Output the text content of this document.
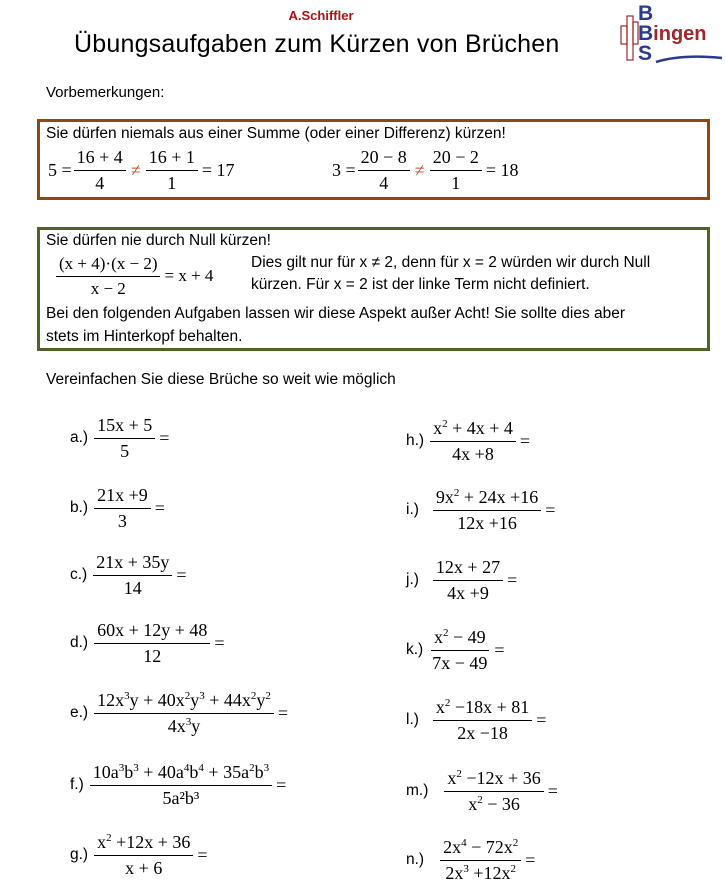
A.Schiffler
Übungsaufgaben zum Kürzen von Brüchen
B
Bingen
S
Vorbemerkungen:
Sie dürfen niemals aus einer Summe (oder einer Differenz) kürzen!
$5 = \frac{16 + 4}{4} \ne \frac{16 + 1}{1} = 17$	$3 = \frac{20 - 8}{4} \ne \frac{20 - 2}{1} = 18$
Sie dürfen nie durch Null kürzen!
$\frac{(x + 4)\cdot(x - 2)}{x - 2} = x + 4$
Dies gilt nur für x ≠ 2, denn für x = 2 würden wir durch Null
kürzen. Für x = 2 ist der linke Term nicht definiert.
Bei den folgenden Aufgaben lassen wir diese Aspekt außer Acht! Sie sollte dies aber
stets im Hinterkopf behalten.
Vereinfachen Sie diese Brüche so weit wie möglich
$a.) \frac{15x + 5}{5}$ =
$b.) \frac{21x +9}{3}$ =
$c.) \frac{21x + 35y}{14}$ =
$d.) \frac{60x + 12y + 48}{12}$ =
$e.) \frac{12x^3y + 40x^2y^3 + 44x^2y^2}{4x^3y}$ =
$f.) \frac{10a^3b^3 + 40a^4b^4 + 35a^2b^3}{\text{5a²b³}}$ =
$g.) \frac{x^2 +12x + 36}{x + 6}$ =
$h.) \frac{x^2 + 4x + 4}{4x +8}$ =
$i.) \frac{9x^2 + 24x +16}{12x +16}$ =
$j.) \frac{12x + 27}{4x +9}$ =
$k.) \frac{x^2 - 49}{7x - 49}$ =
$l.) \frac{x^2 -18x + 81}{2x -18}$ =
$m.) \frac{x^2 -12x + 36}{x^2 - 36}$ =
$n.) \frac{2x^4 - 72x^2}{2x^3 +12x^2}$ =
